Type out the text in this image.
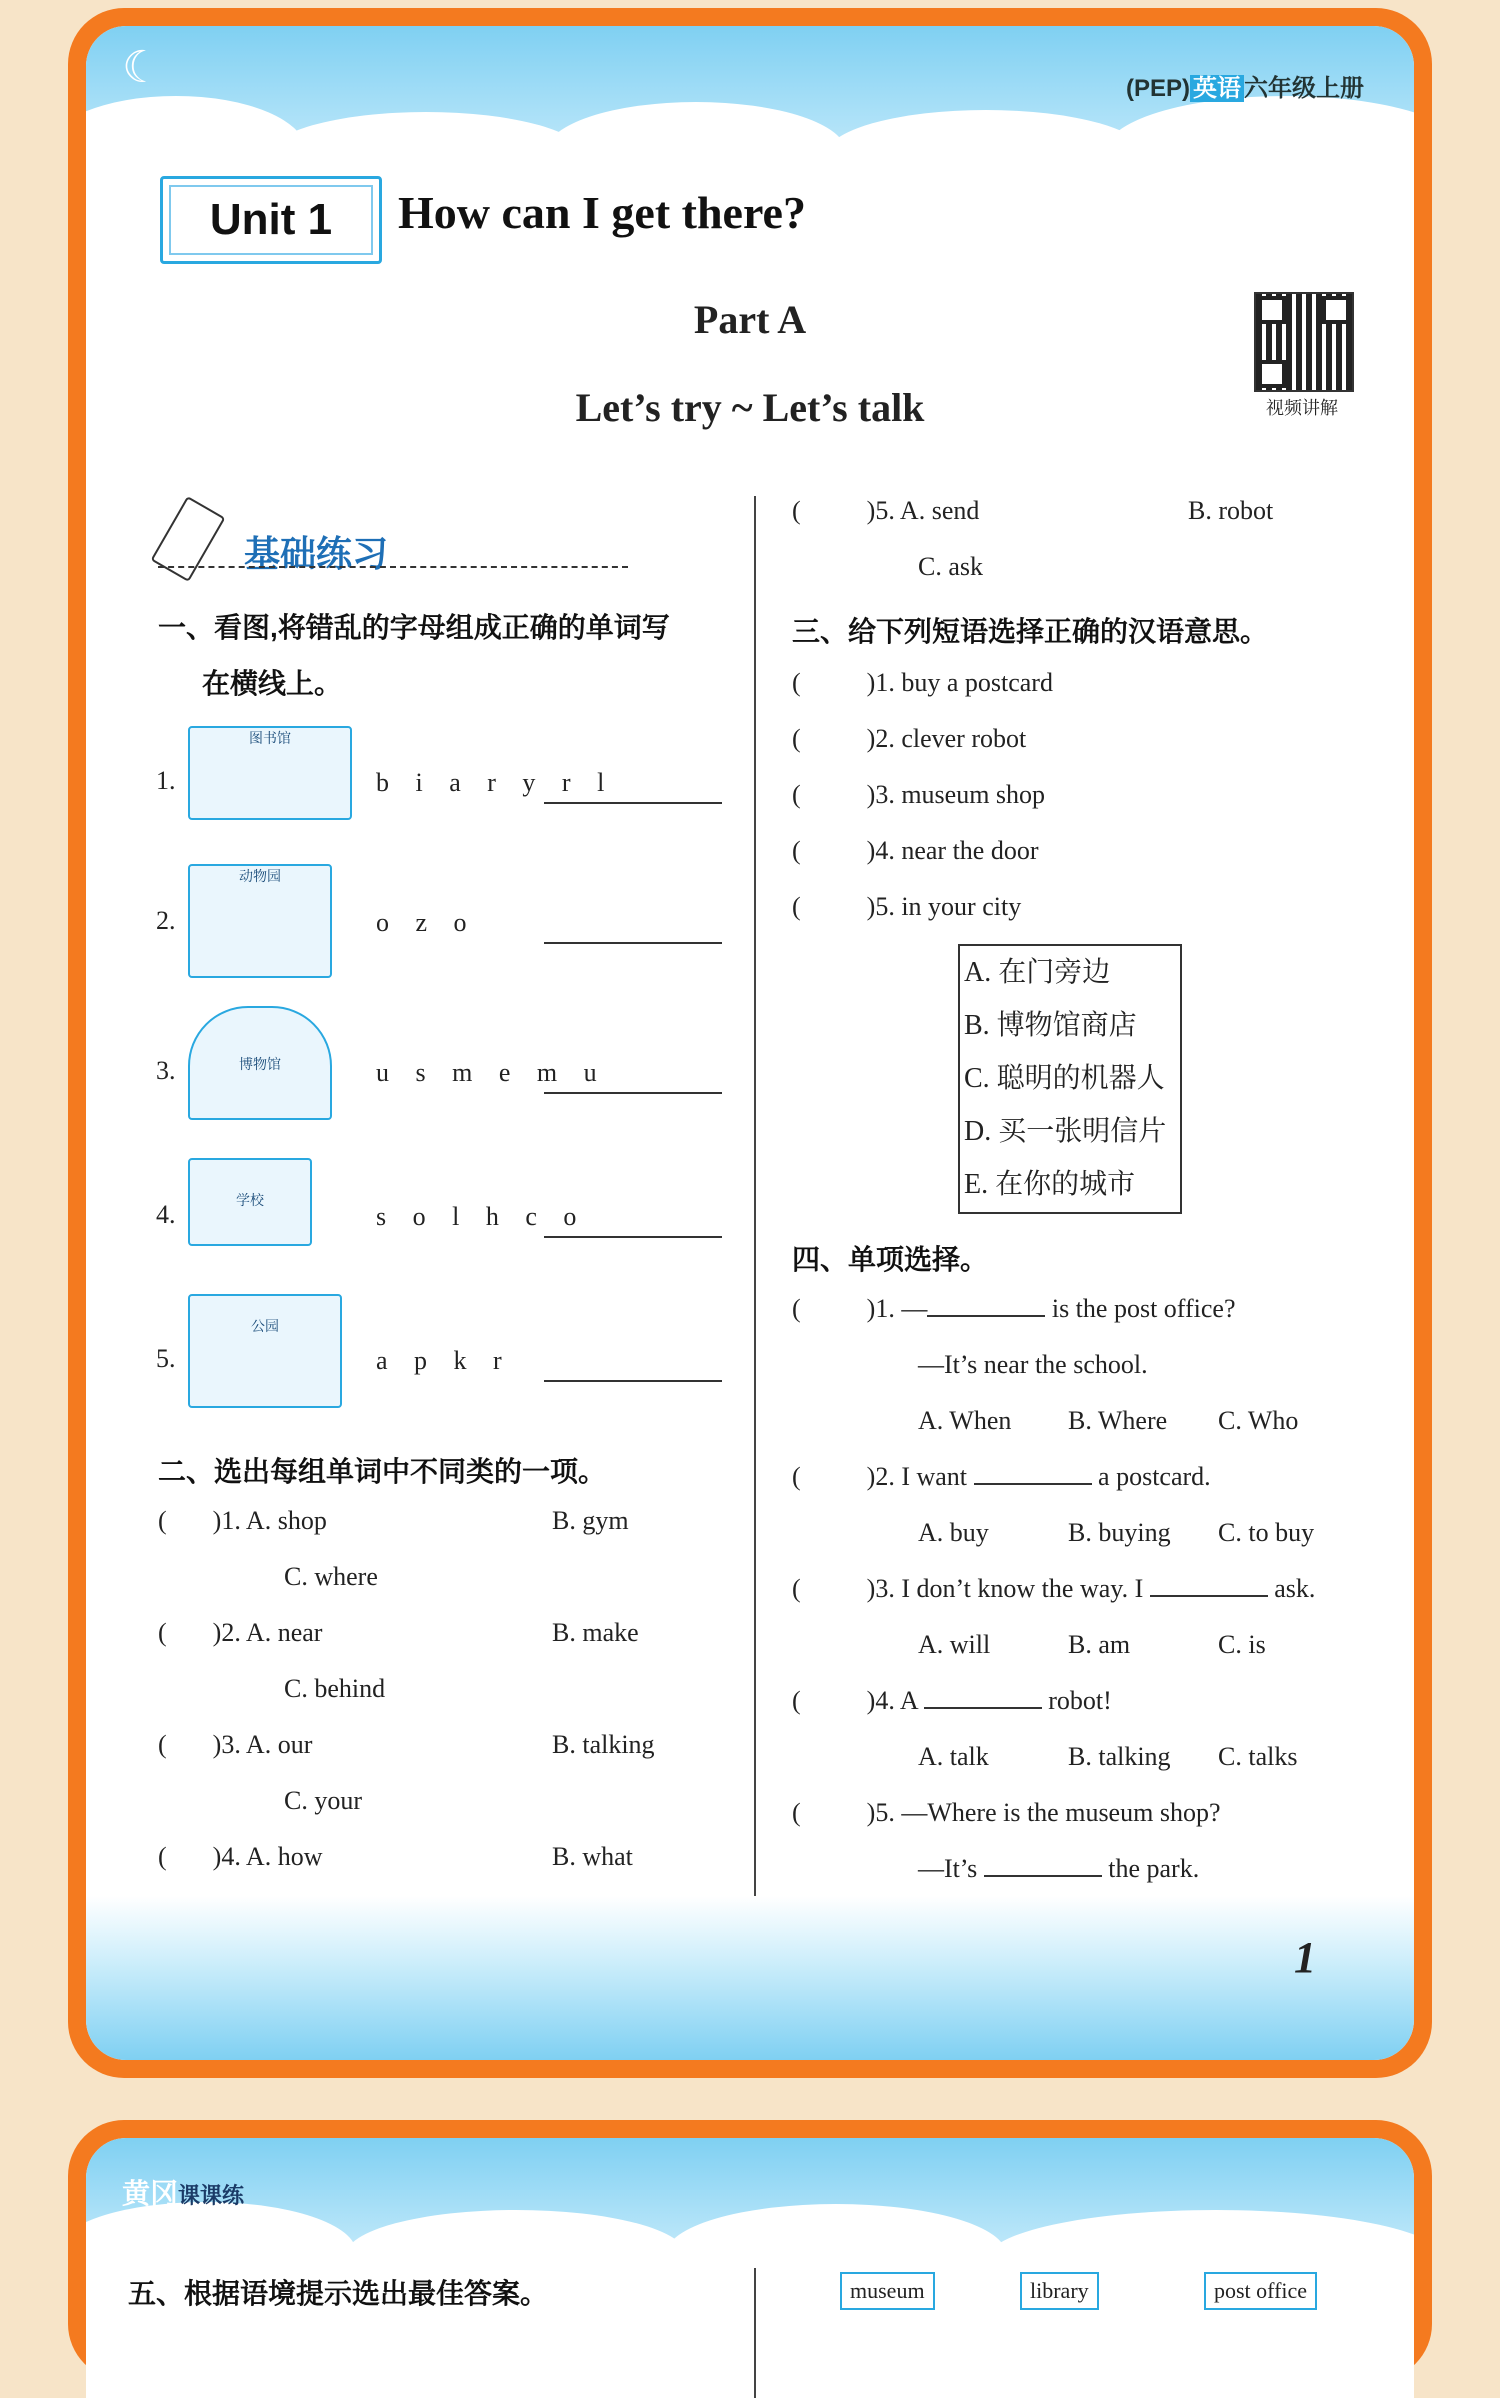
☾	(PEP) 英语 六年级上册
Unit 1	How can I get there?
Part A
Let’s try ~ Let’s talk	视频讲解
基础练习
一、看图,将错乱的字母组成正确的单词写
在横线上。
1.
图书馆
b i a r y r l
2.
动物园
o z o
3.	博物馆	u s m e m u
4.	学校
s o l h c o
5.
公园
a p k r
二、选出每组单词中不同类的一项。
( )1. A. shop	B. gym
C. where
( )2. A. near	B. make
C. behind
( )3. A. our	B. talking
C. your
( )4. A. how	B. what
(	)5. A. send	B. robot
C. ask
三、给下列短语选择正确的汉语意思。
(	)1. buy a postcard
(	)2. clever robot
(	)3. museum shop
(	)4. near the door
(	)5. in your city
A. 在门旁边
B. 博物馆商店
C. 聪明的机器人
D. 买一张明信片
E. 在你的城市
四、单项选择。
(	)1. —	is the post office?
—It’s near the school.
A. When B. Where C. Who
(	)2. I want	a postcard.
A. buy	B. buying C. to buy
(	)3. I don’t know the way. I	ask.
A. will	B. am	C. is
(	)4. A	robot!
A. talk	B. talking C. talks
(	)5. —Where is the museum shop?
—It’s	the park.
1
黄冈课课练
五、根据语境提示选出最佳答案。	museum	library	post office
